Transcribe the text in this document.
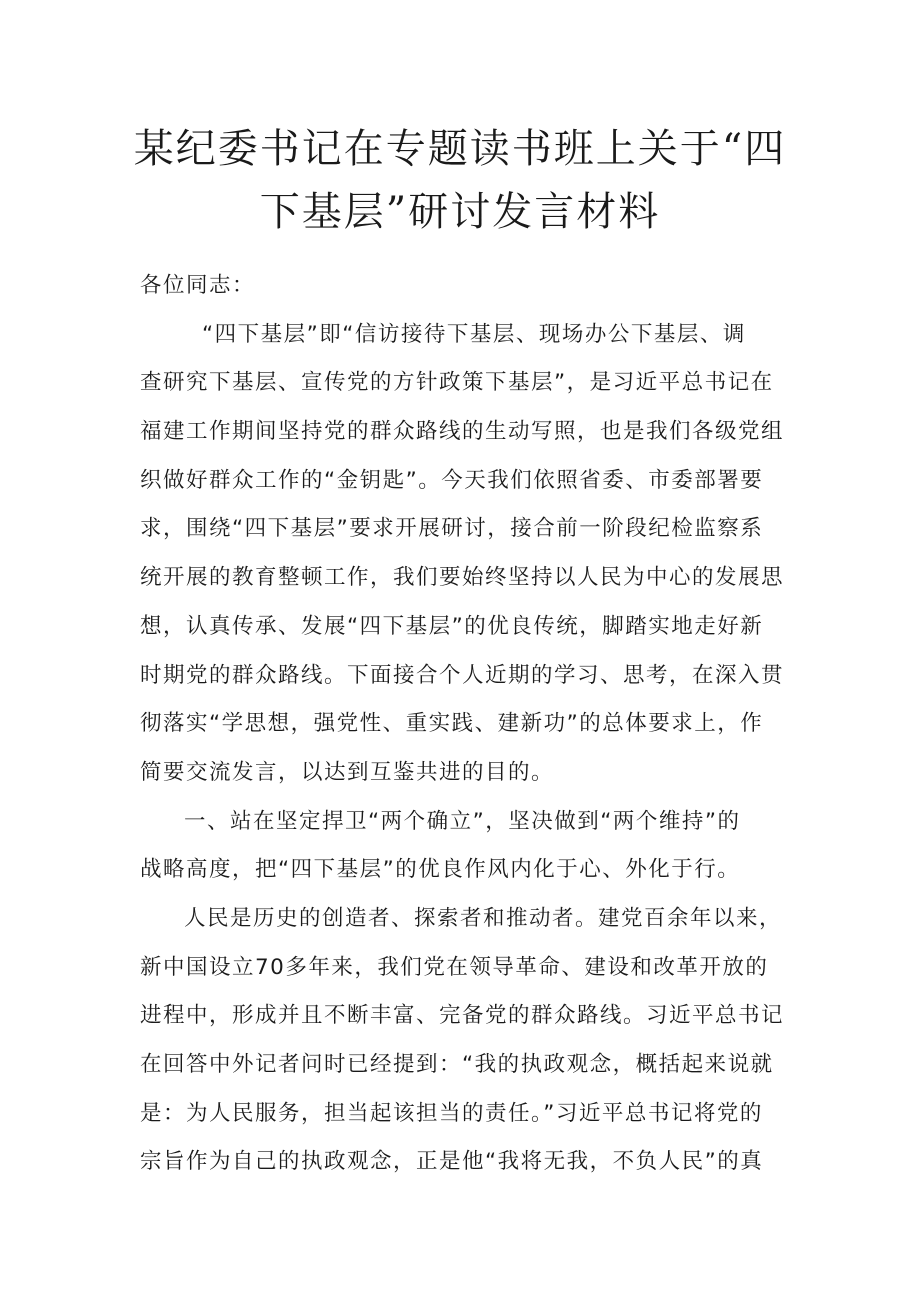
某纪委书记在专题读书班上关于“四
下基层”研讨发言材料
各位同志：
“四下基层”即“信访接待下基层、现场办公下基层、调
查研究下基层、宣传党的方针政策下基层”，是习近平总书记在
福建工作期间坚持党的群众路线的生动写照，也是我们各级党组
织做好群众工作的“金钥匙”。今天我们依照省委、市委部署要
求，围绕“四下基层”要求开展研讨，接合前一阶段纪检监察系
统开展的教育整顿工作，我们要始终坚持以人民为中心的发展思
想，认真传承、发展“四下基层”的优良传统，脚踏实地走好新
时期党的群众路线。下面接合个人近期的学习、思考，在深入贯
彻落实“学思想，强党性、重实践、建新功”的总体要求上，作
简要交流发言，以达到互鉴共进的目的。
一、站在坚定捍卫“两个确立”，坚决做到“两个维持”的
战略高度，把“四下基层”的优良作风内化于心、外化于行。
人民是历史的创造者、探索者和推动者。建党百余年以来，
新中国设立70多年来，我们党在领导革命、建设和改革开放的
进程中，形成并且不断丰富、完备党的群众路线。习近平总书记
在回答中外记者问时已经提到：“我的执政观念，概括起来说就
是：为人民服务，担当起该担当的责任。”习近平总书记将党的
宗旨作为自己的执政观念，正是他“我将无我，不负人民”的真
